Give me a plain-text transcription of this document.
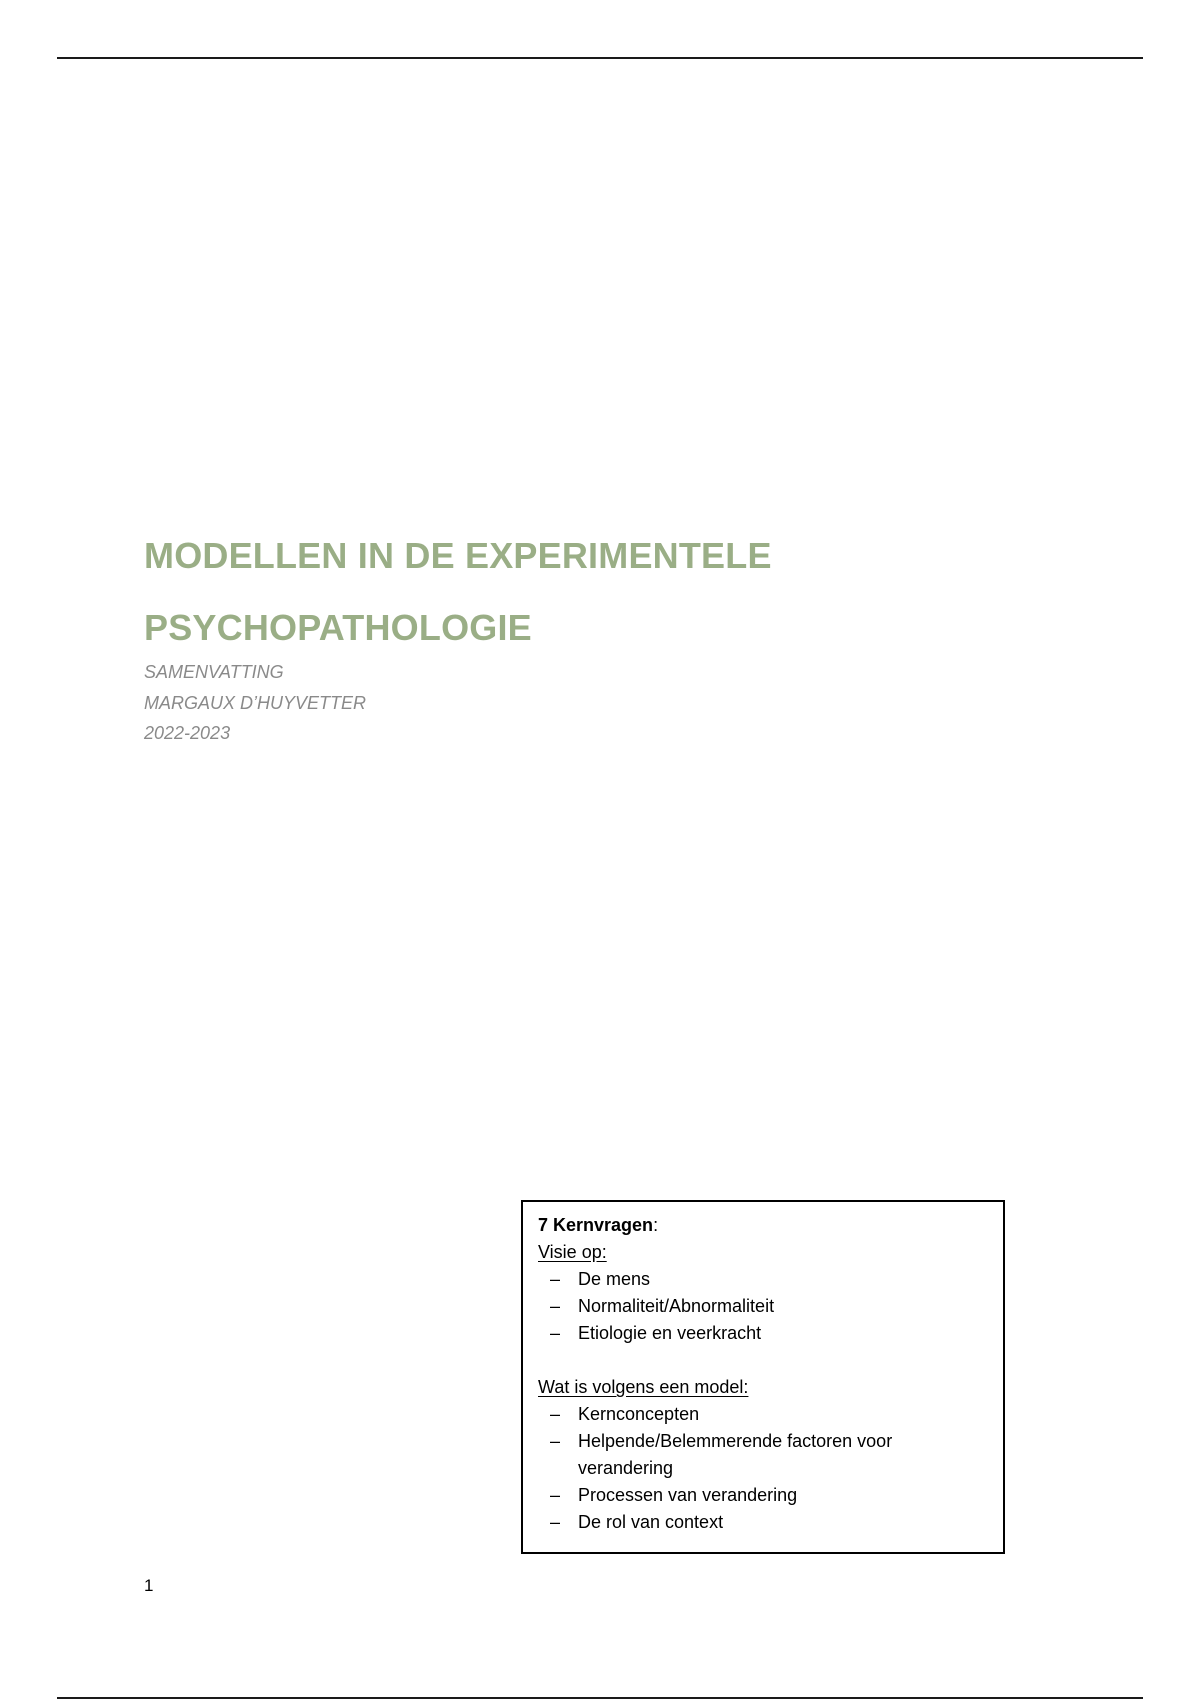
MODELLEN IN DE EXPERIMENTELE
PSYCHOPATHOLOGIE
SAMENVATTING
MARGAUX D’HUYVETTER
2022-2023
7 Kernvragen:
Visie op:
– De mens
– Normaliteit/Abnormaliteit
– Etiologie en veerkracht
Wat is volgens een model:
– Kernconcepten
– Helpende/Belemmerende factoren voor verandering
– Processen van verandering
– De rol van context
1
